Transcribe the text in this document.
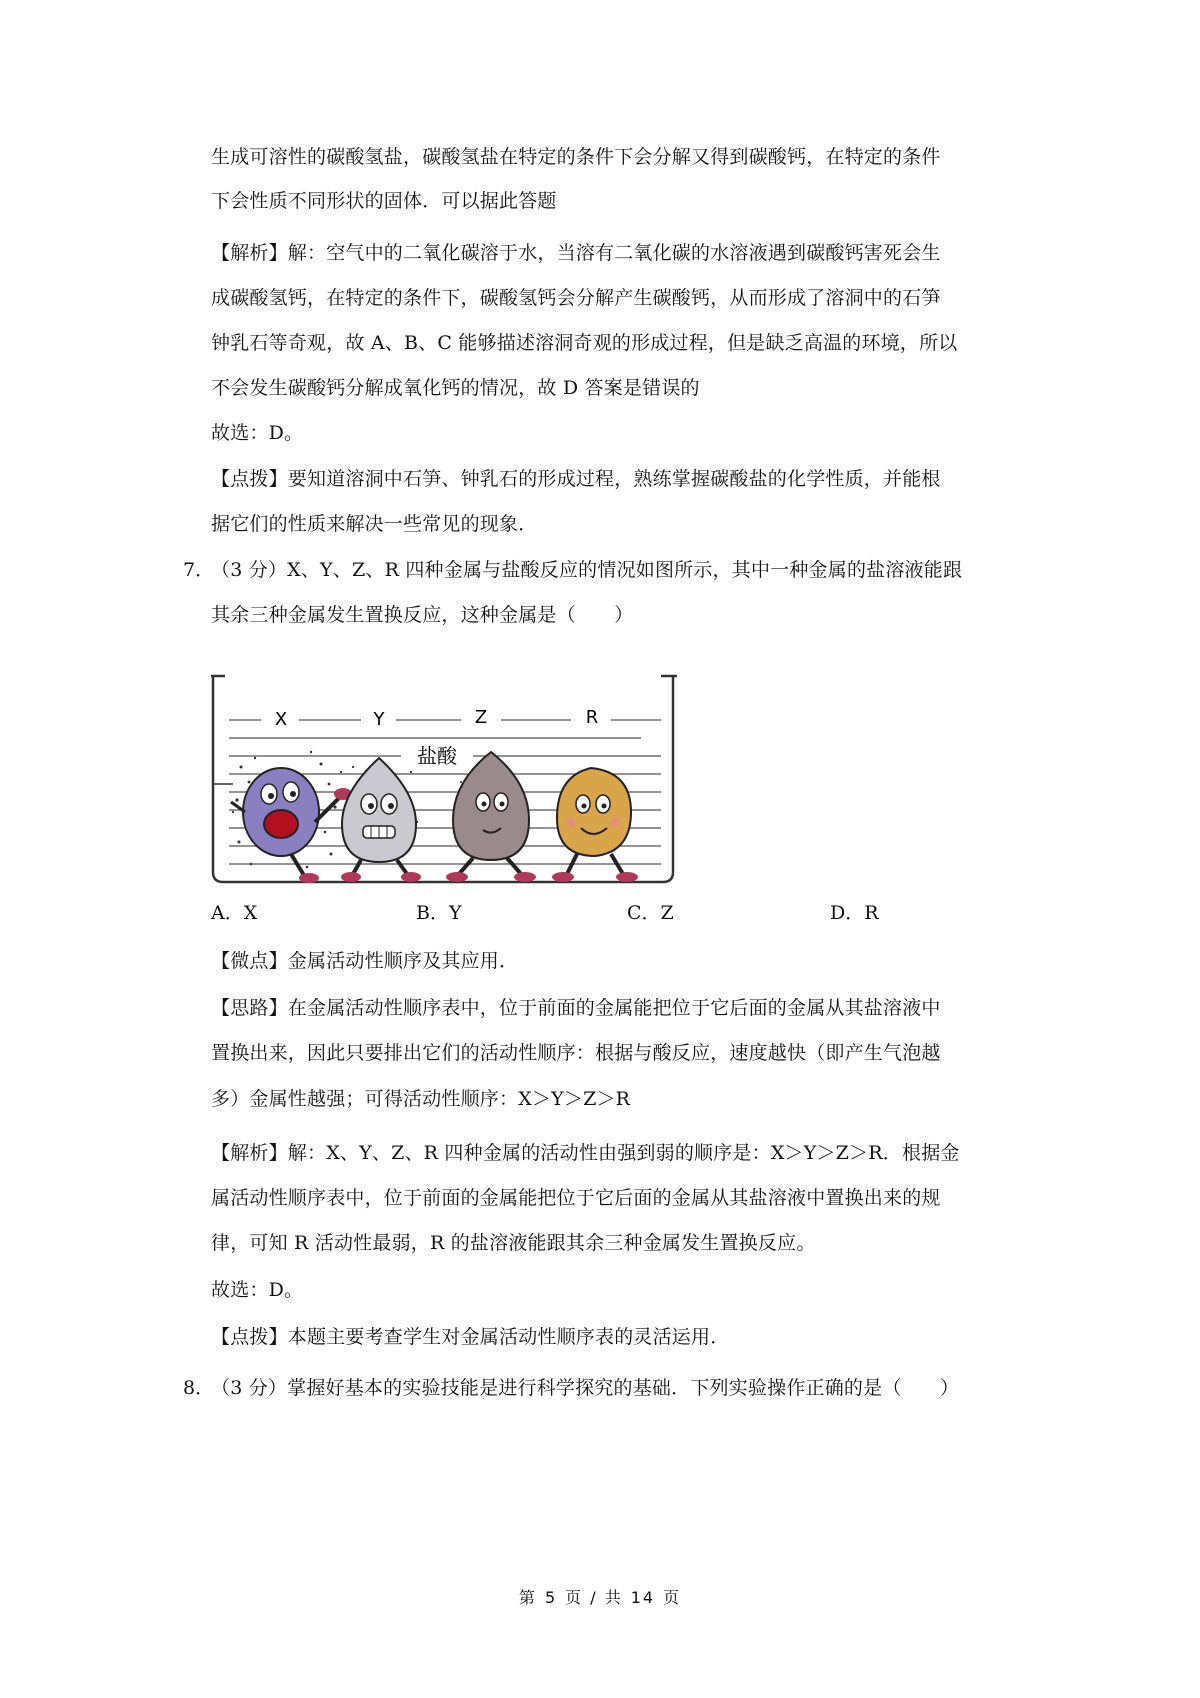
生成可溶性的碳酸氢盐，碳酸氢盐在特定的条件下会分解又得到碳酸钙，在特定的条件
下会性质不同形状的固体．可以据此答题
【解析】解：空气中的二氧化碳溶于水，当溶有二氧化碳的水溶液遇到碳酸钙害死会生
成碳酸氢钙，在特定的条件下，碳酸氢钙会分解产生碳酸钙，从而形成了溶洞中的石笋
钟乳石等奇观，故 A、B、C 能够描述溶洞奇观的形成过程，但是缺乏高温的环境，所以
不会发生碳酸钙分解成氧化钙的情况，故 D 答案是错误的
故选：D。
【点拨】要知道溶洞中石笋、钟乳石的形成过程，熟练掌握碳酸盐的化学性质，并能根
据它们的性质来解决一些常见的现象．
7．
（3 分）X、Y、Z、R 四种金属与盐酸反应的情况如图所示，其中一种金属的盐溶液能跟
其余三种金属发生置换反应，这种金属是（　　）
X	Y	Z	R
盐酸
A．X	B．Y	C．Z	D．R
【微点】金属活动性顺序及其应用．
【思路】在金属活动性顺序表中，位于前面的金属能把位于它后面的金属从其盐溶液中
置换出来，因此只要排出它们的活动性顺序：根据与酸反应，速度越快（即产生气泡越
多）金属性越强；可得活动性顺序：X＞Y＞Z＞R
【解析】解：X、Y、Z、R 四种金属的活动性由强到弱的顺序是：X＞Y＞Z＞R．根据金
属活动性顺序表中，位于前面的金属能把位于它后面的金属从其盐溶液中置换出来的规
律，可知 R 活动性最弱，R 的盐溶液能跟其余三种金属发生置换反应。
故选：D。
【点拨】本题主要考查学生对金属活动性顺序表的灵活运用．
8．
（3 分）掌握好基本的实验技能是进行科学探究的基础．下列实验操作正确的是（　　）
第 5 页 / 共 14 页
